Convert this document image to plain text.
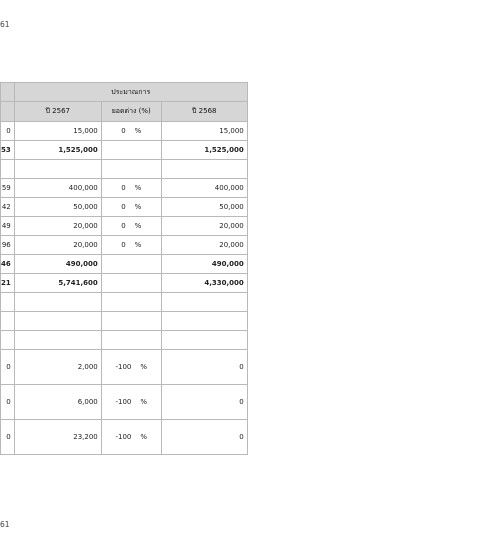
61
	ประมาณการ		
	ปี 2567	ยอดต่าง (%)	ปี 2568
0	15,000	0 %	15,000
53	1,525,000		1,525,000

59	400,000	0 %	400,000
42	50,000	0 %	50,000
49	20,000	0 %	20,000
96	20,000	0 %	20,000
46	490,000		490,000
21	5,741,600		4,330,000

0	2,000	-100 %	0
0	6,000	-100 %	0
0	23,200	-100 %	0
61
